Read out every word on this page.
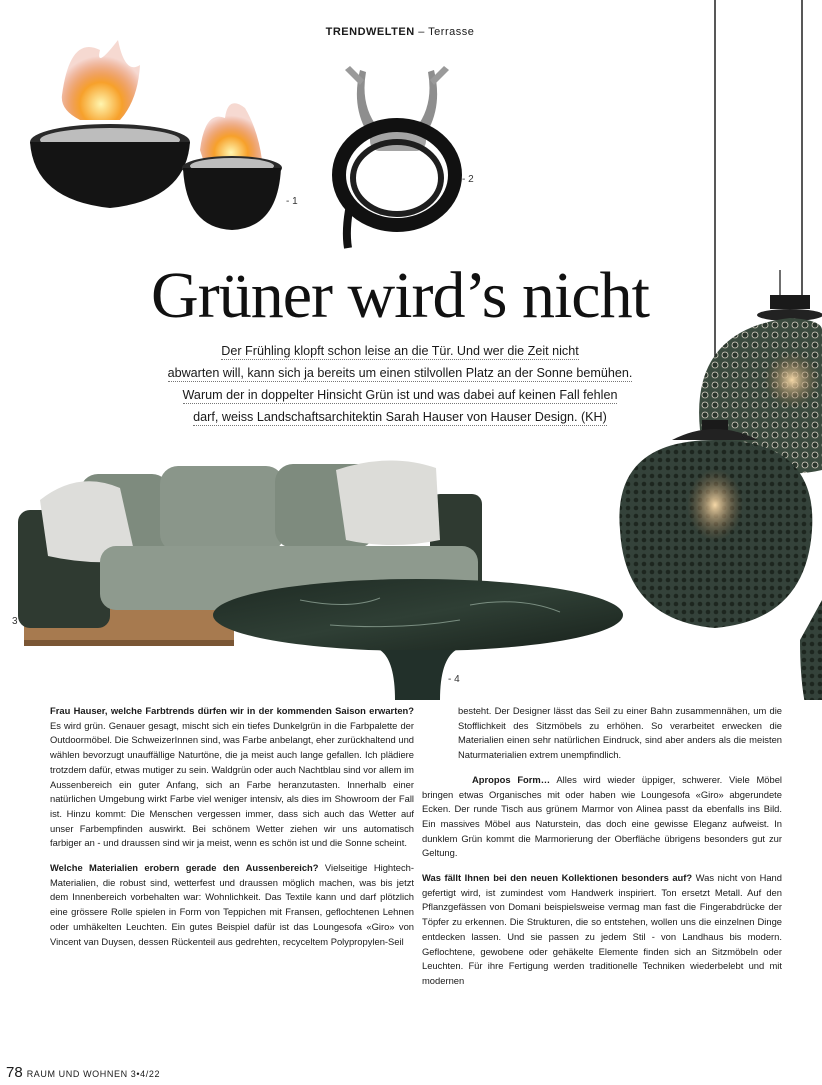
TRENDWELTEN – Terrasse
- 1
- 2
3 -
- 4
Grüner wird’s nicht
Der Frühling klopft schon leise an die Tür. Und wer die Zeit nicht
abwarten will, kann sich ja bereits um einen stilvollen Platz an der Sonne bemühen.
Warum der in doppelter Hinsicht Grün ist und was dabei auf keinen Fall fehlen
darf, weiss Landschaftsarchitektin Sarah Hauser von Hauser Design. (KH)

Frau Hauser, welche Farbtrends dürfen wir in der kommenden Saison erwarten? Es wird grün. Genauer gesagt, mischt sich ein tiefes Dunkelgrün in die Farbpalette der Outdoormöbel. Die SchweizerInnen sind, was Farbe anbelangt, eher zurückhaltend und wählen bevorzugt unauffällige Naturtöne, die ja meist auch lange gefallen. Ich plädiere trotzdem dafür, etwas mutiger zu sein. Waldgrün oder auch Nachtblau sind vor allem im Aussenbereich ein guter Anfang, sich an Farbe heranzutasten. Innerhalb einer natürlichen Umgebung wirkt Farbe viel weniger intensiv, als dies im Showroom der Fall ist. Hinzu kommt: Die Menschen vergessen immer, dass sich auch das Wetter auf unser Farbempfinden auswirkt. Bei schönem Wetter ziehen wir uns automatisch farbiger an - und draussen sind wir ja meist, wenn es schön ist und die Sonne scheint.

Welche Materialien erobern gerade den Aussenbereich? Vielseitige Hightech-Materialien, die robust sind, wetterfest und draussen möglich machen, was bis jetzt dem Innenbereich vorbehalten war: Wohnlichkeit. Das Textile kann und darf plötzlich eine grössere Rolle spielen in Form von Teppichen mit Fransen, geflochtenen Lehnen oder umhäkelten Leuchten. Ein gutes Beispiel dafür ist das Loungesofa «Giro» von Vincent van Duysen, dessen Rückenteil aus gedrehten, recyceltem Polypropylen-Seil

besteht. Der Designer lässt das Seil zu einer Bahn zusammennähen, um die Stofflichkeit des Sitzmöbels zu erhöhen. So verarbeitet erwecken die Materialien einen sehr natürlichen Eindruck, sind aber anders als die meisten Naturmaterialien extrem unempfindlich.

Apropos Form… Alles wird wieder üppiger, schwerer. Viele Möbel bringen etwas Organisches mit oder haben wie Loungesofa «Giro» abgerundete Ecken. Der runde Tisch aus grünem Marmor von Alinea passt da ebenfalls ins Bild. Ein massives Möbel aus Naturstein, das doch eine gewisse Eleganz aufweist. In dunklem Grün kommt die Marmorierung der Oberfläche übrigens besonders gut zur Geltung.

Was fällt Ihnen bei den neuen Kollektionen besonders auf? Was nicht von Hand gefertigt wird, ist zumindest vom Handwerk inspiriert. Ton ersetzt Metall. Auf den Pflanzgefässen von Domani beispielsweise vermag man fast die Fingerabdrücke der Töpfer zu erkennen. Die Strukturen, die so entstehen, wollen uns die einzelnen Dinge entdecken lassen. Und sie passen zu jedem Stil - von Landhaus bis modern. Geflochtene, gewobene oder gehäkelte Elemente finden sich an Sitzmöbeln oder Leuchten. Für ihre Fertigung werden traditionelle Techniken wiederbelebt und mit modernen

78 RAUM UND WOHNEN 3•4/22
